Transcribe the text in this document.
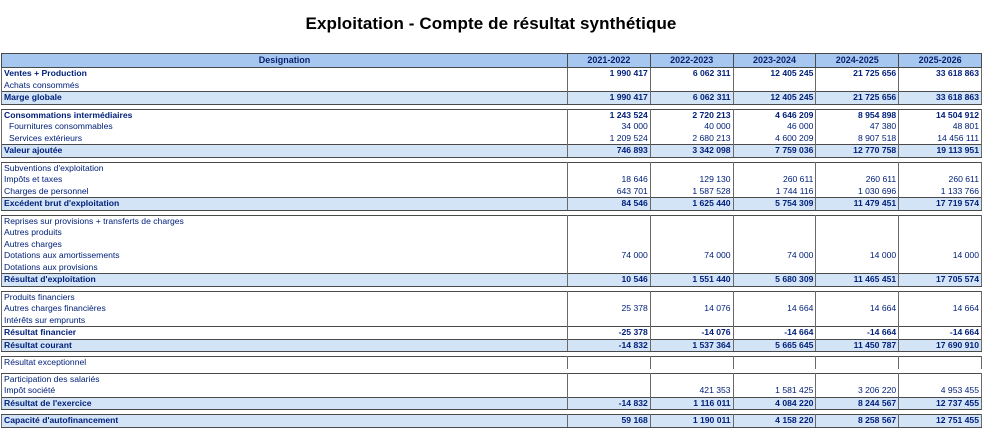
Exploitation - Compte de résultat synthétique
Designation	2021-2022	2022-2023	2023-2024	2024-2025	2025-2026
Ventes + Production	1 990 417	6 062 311	12 405 245	21 725 656	33 618 863
Achats consommés					
Marge globale	1 990 417	6 062 311	12 405 245	21 725 656	33 618 863

Consommations intermédiaires	1 243 524	2 720 213	4 646 209	8 954 898	14 504 912
Fournitures consommables	34 000	40 000	46 000	47 380	48 801
Services extérieurs	1 209 524	2 680 213	4 600 209	8 907 518	14 456 111
Valeur ajoutée	746 893	3 342 098	7 759 036	12 770 758	19 113 951

Subventions d'exploitation					
Impôts et taxes	18 646	129 130	260 611	260 611	260 611
Charges de personnel	643 701	1 587 528	1 744 116	1 030 696	1 133 766
Excédent brut d'exploitation	84 546	1 625 440	5 754 309	11 479 451	17 719 574

Reprises sur provisions + transferts de charges					
Autres produits					
Autres charges					
Dotations aux amortissements	74 000	74 000	74 000	14 000	14 000
Dotations aux provisions					
Résultat d'exploitation	10 546	1 551 440	5 680 309	11 465 451	17 705 574

Produits financiers					
Autres charges financières	25 378	14 076	14 664	14 664	14 664
Intérêts sur emprunts					
Résultat financier	-25 378	-14 076	-14 664	-14 664	-14 664
Résultat courant	-14 832	1 537 364	5 665 645	11 450 787	17 690 910

Résultat exceptionnel					

Participation des salariés					
Impôt société		421 353	1 581 425	3 206 220	4 953 455
Résultat de l'exercice	-14 832	1 116 011	4 084 220	8 244 567	12 737 455

Capacité d'autofinancement	59 168	1 190 011	4 158 220	8 258 567	12 751 455
